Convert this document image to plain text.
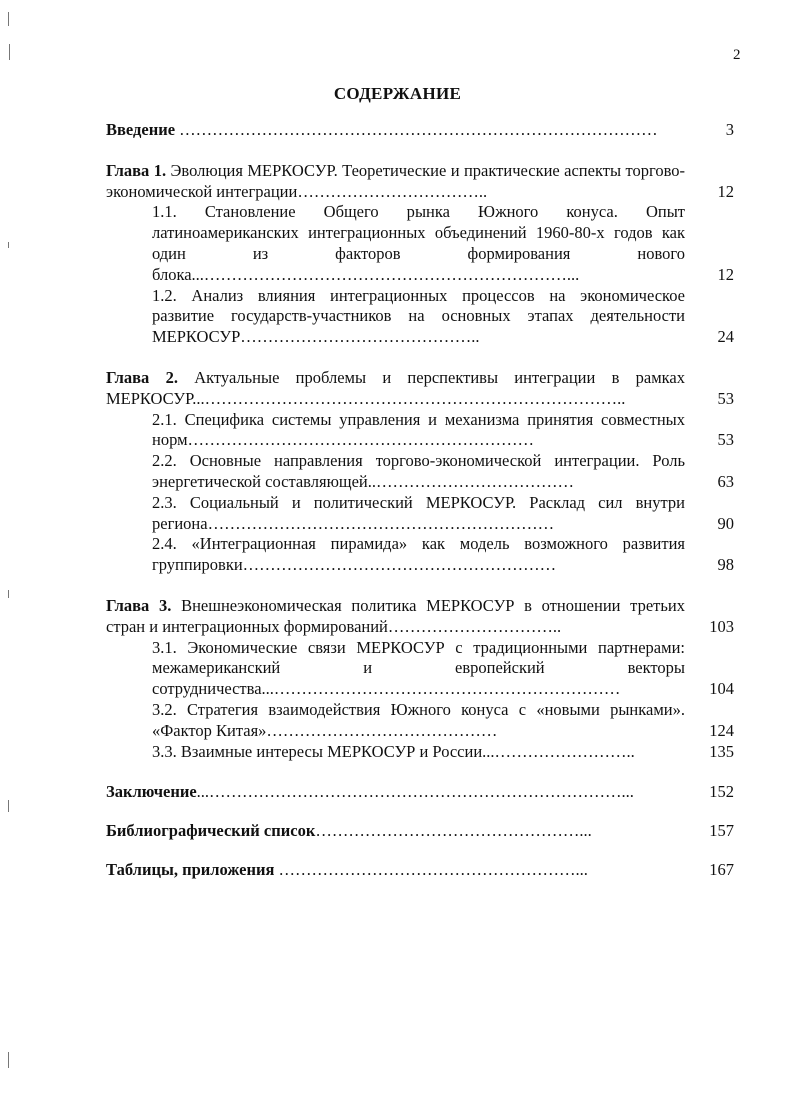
2
СОДЕРЖАНИЕ
Введение ……………………………………………………………………………	3
Глава 1. Эволюция МЕРКОСУР. Теоретические и практические аспекты торгово-экономической интеграции……………………………..	12
1.1. Становление Общего рынка Южного конуса. Опыт латиноамериканских интеграционных объединений 1960-80-х годов как один из факторов формирования нового блока...…………………………………………………………...	12
1.2. Анализ влияния интеграционных процессов на экономическое развитие государств-участников на основных этапах деятельности МЕРКОСУР……………………………………..	24
Глава 2. Актуальные проблемы и перспективы интеграции в рамках МЕРКОСУР...…………………………………………………………………..	53
2.1. Специфика системы управления и механизма принятия совместных норм………………………………………………………	53
2.2. Основные направления торгово-экономической интеграции. Роль энергетической составляющей..………………………………	63
2.3. Социальный и политический МЕРКОСУР. Расклад сил внутри региона………………………………………………………	90
2.4. «Интеграционная пирамида» как модель возможного развития группировки…………………………………………………	98
Глава 3. Внешнеэкономическая политика МЕРКОСУР в отношении третьих стран и интеграционных формирований…………………………..	103
3.1. Экономические связи МЕРКОСУР с традиционными партнерами: межамериканский и европейский векторы сотрудничества...………………………………………………………	104
3.2. Стратегия взаимодействия Южного конуса с «новыми рынками». «Фактор Китая»……………………………………	124
3.3. Взаимные интересы МЕРКОСУР и России...……………………..	135
Заключение...…………………………………………………………………...	152
Библиографический список…………………………………………...	157
Таблицы, приложения ………………………………………………...	167
